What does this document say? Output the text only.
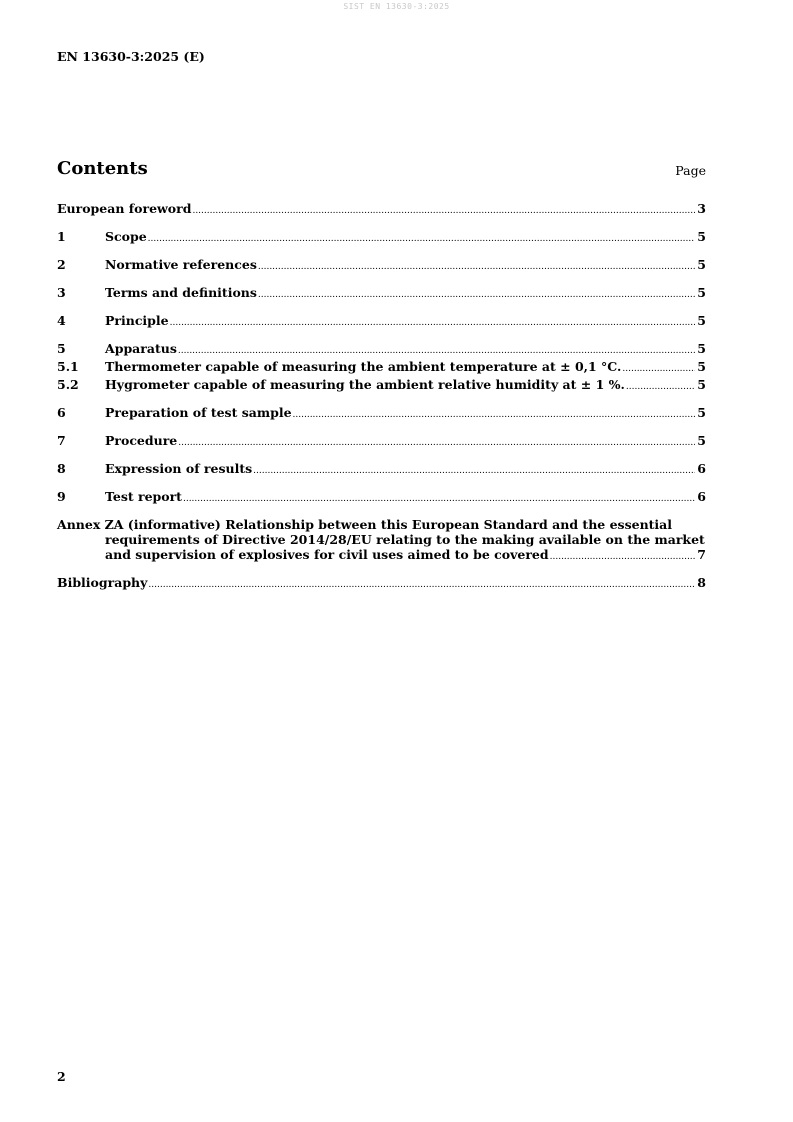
SIST EN 13630-3:2025
EN 13630-3:2025 (E)
Contents	Page
European foreword .....	3
1	Scope .....	5
2	Normative references .....	5
3	Terms and definitions .....	5
4	Principle .....	5
5	Apparatus .....	5
5.1	Thermometer capable of measuring the ambient temperature at ± 0,1 °C. .....	5
5.2	Hygrometer capable of measuring the ambient relative humidity at ± 1 %. .....	5
6	Preparation of test sample .....	5
7	Procedure .....	5
8	Expression of results .....	6
9	Test report .....	6
Annex ZA (informative) Relationship between this European Standard and the essential
requirements of Directive 2014/28/EU relating to the making available on the market
and supervision of explosives for civil uses aimed to be covered .....	7
Bibliography .....	8
2
